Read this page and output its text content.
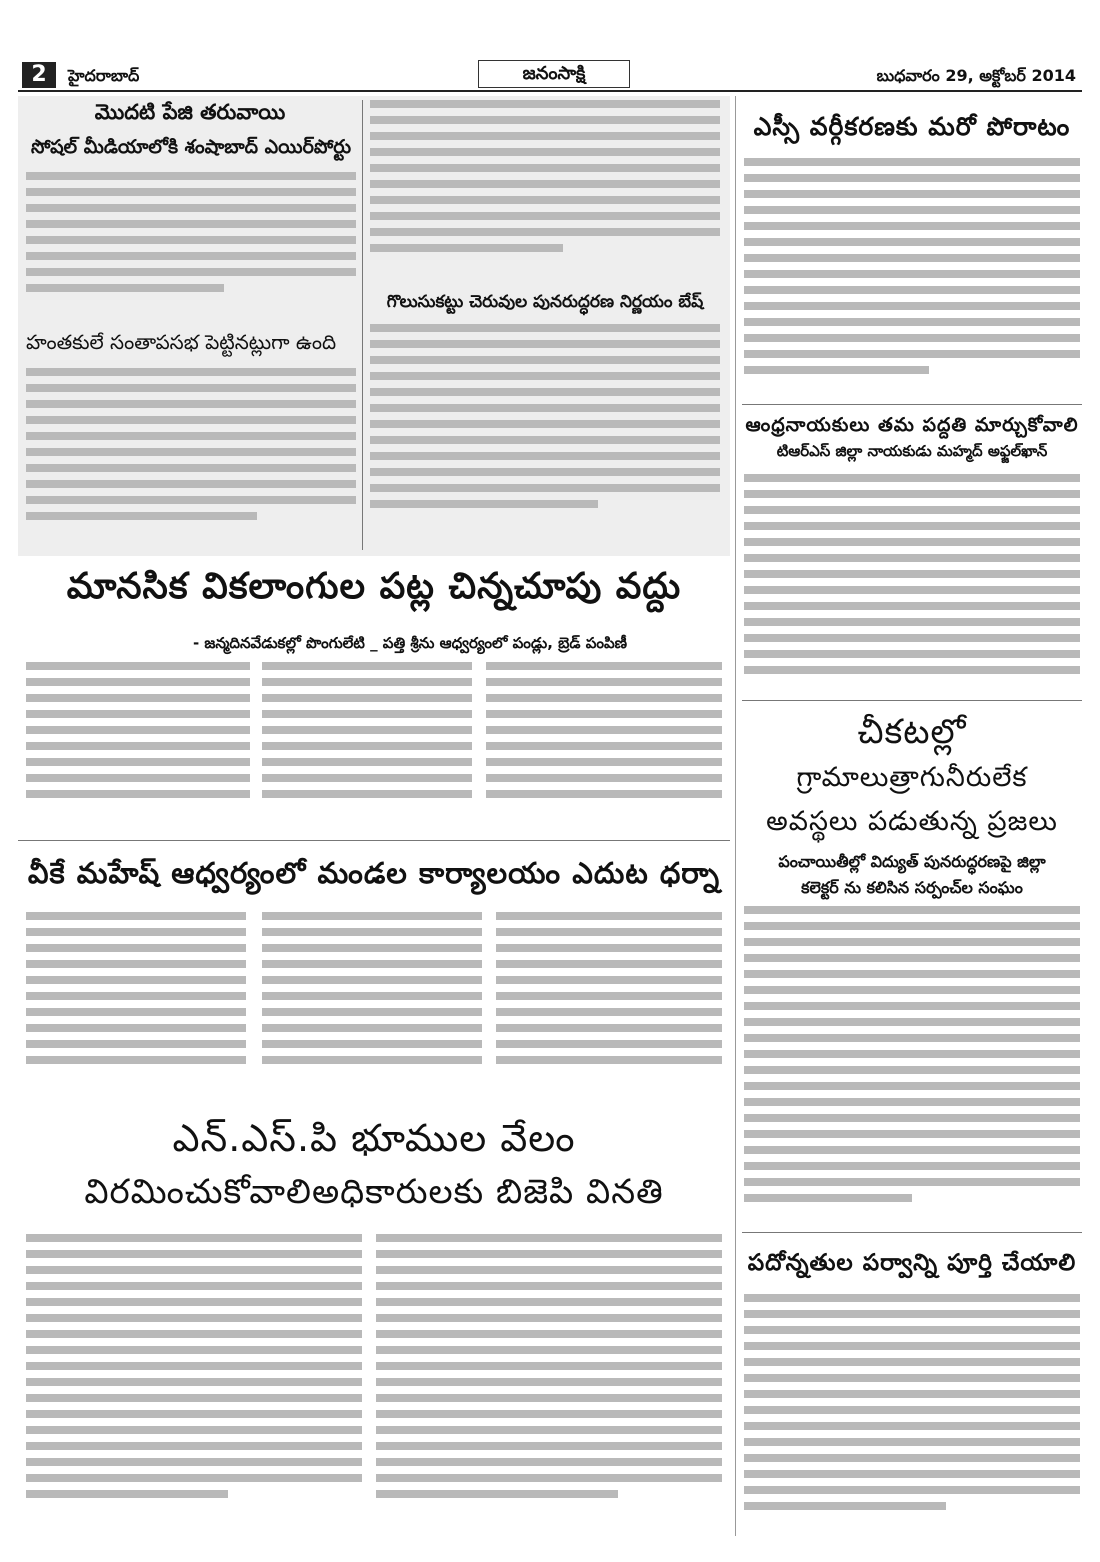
2	హైదరాబాద్	జనంసాక్షి	బుధవారం 29, అక్టోబర్ 2014
మొదటి పేజి తరువాయి
సోషల్ మీడియాలోకి శంషాబాద్ ఎయిర్‌పోర్టు
హంతకులే సంతాపసభ పెట్టినట్లుగా ఉంది
గొలుసుకట్టు చెరువుల పునరుద్ధరణ నిర్ణయం బేష్
మానసిక వికలాంగుల పట్ల చిన్నచూపు వద్దు
- జన్మదినవేడుకల్లో పొంగులేటి _ పత్తి శ్రీను ఆధ్వర్యంలో పండ్లు, బ్రెడ్ పంపిణీ
వీకే మహేష్ ఆధ్వర్యంలో మండల కార్యాలయం ఎదుట ధర్నా
ఎన్.ఎస్.పి భూముల వేలం
విరమించుకోవాలిఅధికారులకు బిజెపి వినతి
ఎస్సీ వర్గీకరణకు మరో పోరాటం
ఆంధ్రనాయకులు తమ పద్దతి మార్చుకోవాలి
టిఆర్ఎస్ జిల్లా నాయకుడు మహ్మద్ అఫ్జల్‌ఖాన్
చీకటల్లో
గ్రామాలుత్రాగునీరులేక
అవస్థలు పడుతున్న ప్రజలు
పంచాయితీల్లో విద్యుత్ పునరుద్ధరణపై జిల్లా
కలెక్టర్ ను కలిసిన సర్పంచ్‌ల సంఘం
పదోన్నతుల పర్వాన్ని పూర్తి చేయాలి
